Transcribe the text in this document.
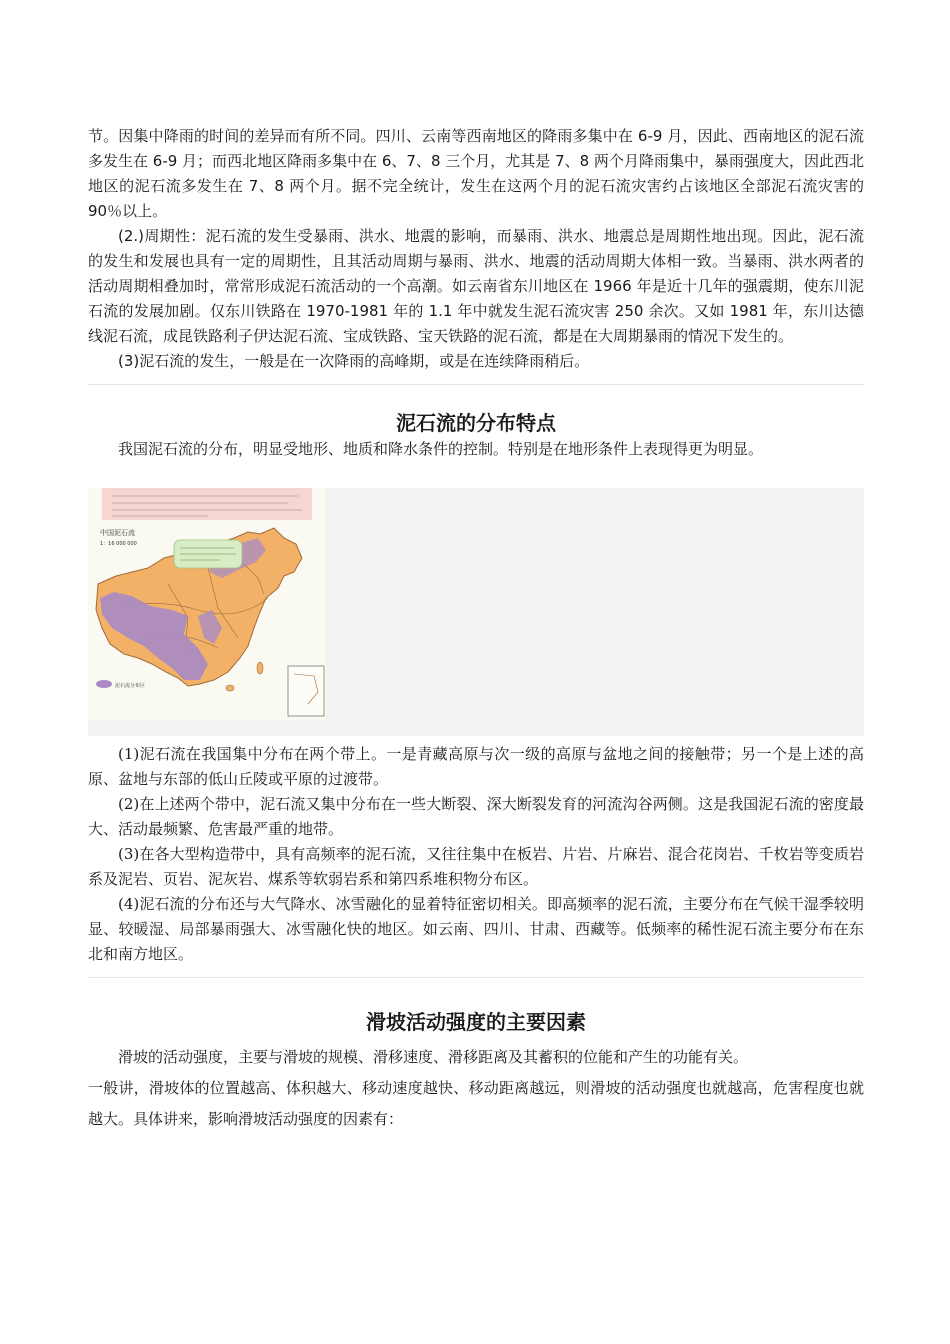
节。因集中降雨的时间的差异而有所不同。四川、云南等西南地区的降雨多集中在 6-9 月，因此、西南地区的泥石流多发生在 6-9 月；而西北地区降雨多集中在 6、7、8 三个月，尤其是 7、8 两个月降雨集中，暴雨强度大，因此西北地区的泥石流多发生在 7、8 两个月。据不完全统计，发生在这两个月的泥石流灾害约占该地区全部泥石流灾害的 90％以上。

(2.)周期性：泥石流的发生受暴雨、洪水、地震的影响，而暴雨、洪水、地震总是周期性地出现。因此，泥石流的发生和发展也具有一定的周期性，且其活动周期与暴雨、洪水、地震的活动周期大体相一致。当暴雨、洪水两者的活动周期相叠加时，常常形成泥石流活动的一个高潮。如云南省东川地区在 1966 年是近十几年的强震期，使东川泥石流的发展加剧。仅东川铁路在 1970-1981 年的 1.1 年中就发生泥石流灾害 250 余次。又如 1981 年，东川达德线泥石流，成昆铁路利子伊达泥石流、宝成铁路、宝天铁路的泥石流，都是在大周期暴雨的情况下发生的。

(3)泥石流的发生，一般是在一次降雨的高峰期，或是在连续降雨稍后。

泥石流的分布特点

我国泥石流的分布，明显受地形、地质和降水条件的控制。特别是在地形条件上表现得更为明显。

中国泥石流
1：16 000 000
泥石流分布区

(1)泥石流在我国集中分布在两个带上。一是青藏高原与次一级的高原与盆地之间的接触带；另一个是上述的高原、盆地与东部的低山丘陵或平原的过渡带。

(2)在上述两个带中，泥石流又集中分布在一些大断裂、深大断裂发育的河流沟谷两侧。这是我国泥石流的密度最大、活动最频繁、危害最严重的地带。

(3)在各大型构造带中，具有高频率的泥石流，又往往集中在板岩、片岩、片麻岩、混合花岗岩、千枚岩等变质岩系及泥岩、页岩、泥灰岩、煤系等软弱岩系和第四系堆积物分布区。

(4)泥石流的分布还与大气降水、冰雪融化的显着特征密切相关。即高频率的泥石流，主要分布在气候干湿季较明显、较暖湿、局部暴雨强大、冰雪融化快的地区。如云南、四川、甘肃、西藏等。低频率的稀性泥石流主要分布在东北和南方地区。

滑坡活动强度的主要因素

滑坡的活动强度，主要与滑坡的规模、滑移速度、滑移距离及其蓄积的位能和产生的功能有关。

一般讲，滑坡体的位置越高、体积越大、移动速度越快、移动距离越远，则滑坡的活动强度也就越高，危害程度也就越大。具体讲来，影响滑坡活动强度的因素有：
